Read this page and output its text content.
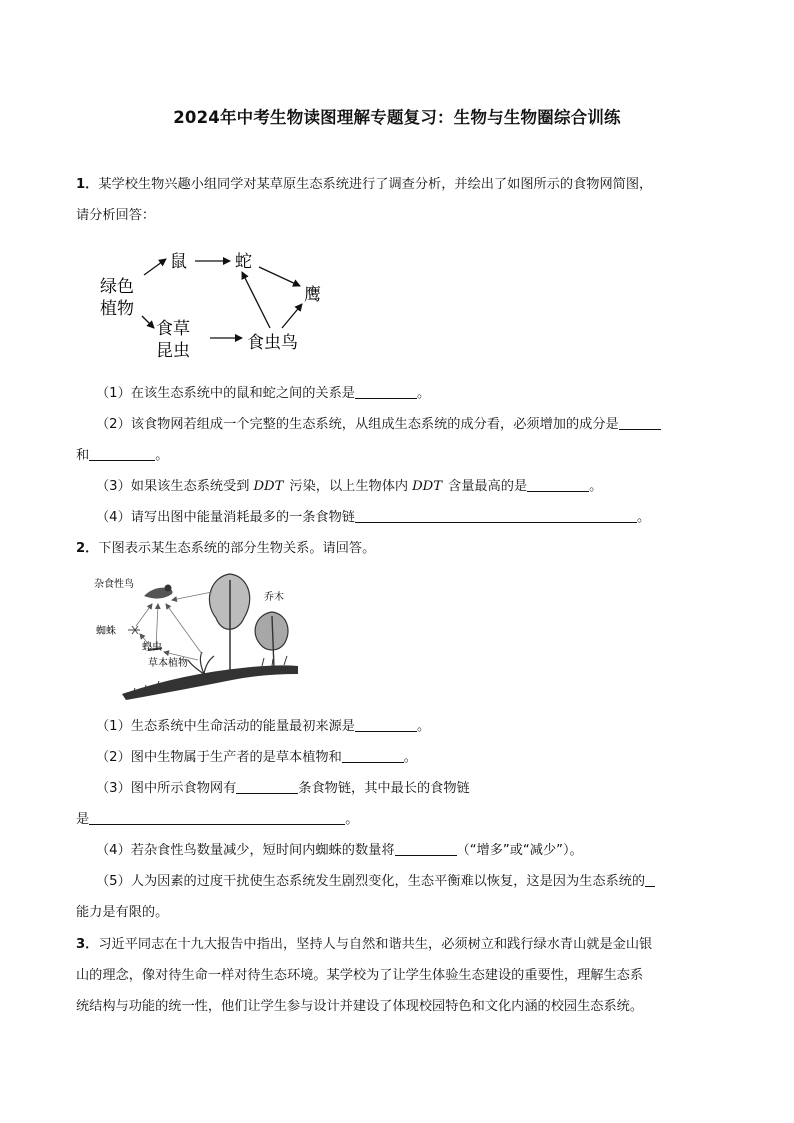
2024年中考生物读图理解专题复习：生物与生物圈综合训练
1．某学校生物兴趣小组同学对某草原生态系统进行了调查分析，并绘出了如图所示的食物网简图，
请分析回答：
绿色
植物
鼠	蛇
鹰
食草
昆虫	食虫鸟
（1）在该生态系统中的鼠和蛇之间的关系是	。
（2）该食物网若组成一个完整的生态系统，从组成生态系统的成分看，必须增加的成分是
和	。
（3）如果该生态系统受到 DDT 污染，以上生物体内 DDT 含量最高的是	。
（4）请写出图中能量消耗最多的一条食物链	。
2．下图表示某生态系统的部分生物关系。请回答。
杂食性鸟
乔木
蜘蛛
蝗虫
草本植物
（1）生态系统中生命活动的能量最初来源是	。
（2）图中生物属于生产者的是草本植物和	。
（3）图中所示食物网有	条食物链，其中最长的食物链
是	。
（4）若杂食性鸟数量减少，短时间内蜘蛛的数量将	（“增多”或“减少”）。
（5）人为因素的过度干扰使生态系统发生剧烈变化，生态平衡难以恢复，这是因为生态系统的
能力是有限的。
3．习近平同志在十九大报告中指出，坚持人与自然和谐共生，必须树立和践行绿水青山就是金山银
山的理念，像对待生命一样对待生态环境。某学校为了让学生体验生态建设的重要性，理解生态系
统结构与功能的统一性，他们让学生参与设计并建设了体现校园特色和文化内涵的校园生态系统。
